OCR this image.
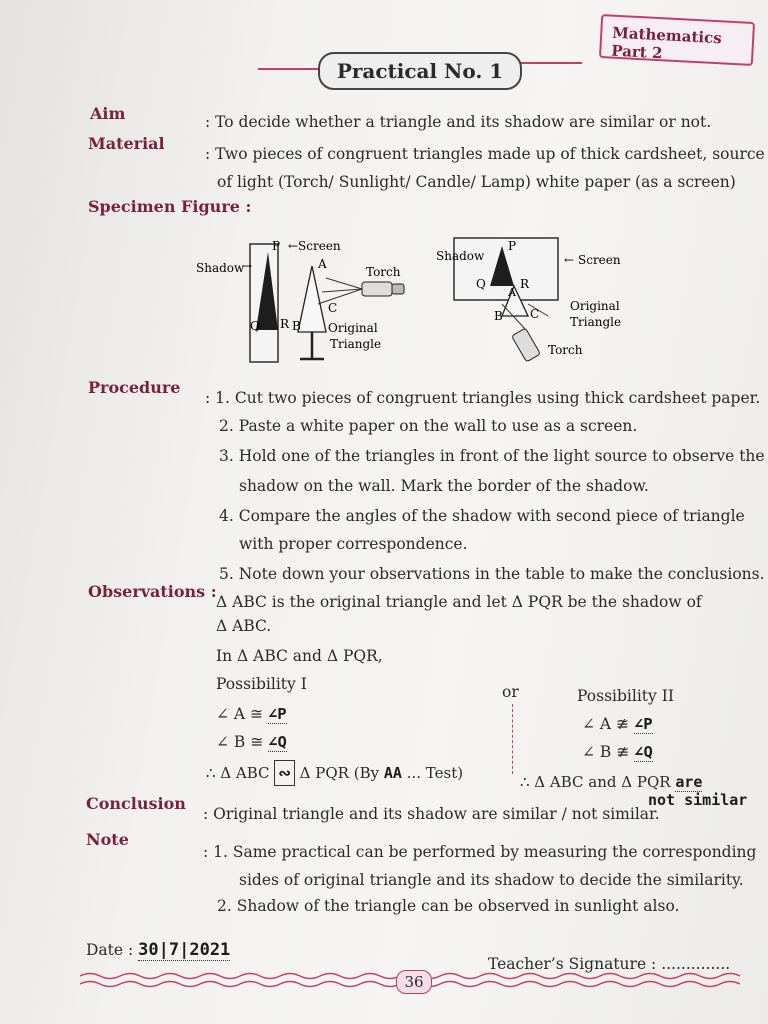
Mathematics Part 2
Practical No. 1
Aim	: To decide whether a triangle and its shadow are similar or not.
Material
: Two pieces of congruent triangles made up of thick cardsheet, source
of light (Torch/ Sunlight/ Candle/ Lamp) white paper (as a screen)
Specimen Figure :
Shadow
→
P ←Screen
A
Torch
Q R B
C
Original
Triangle
Shadow
P
← Screen
Q	R
A
B C
Original
Triangle
Torch
Procedure
: 1. Cut two pieces of congruent triangles using thick cardsheet paper.
2. Paste a white paper on the wall to use as a screen.
3. Hold one of the triangles in front of the light source to observe the
shadow on the wall. Mark the border of the shadow.
4. Compare the angles of the shadow with second piece of triangle
with proper correspondence.
5. Note down your observations in the table to make the conclusions.
Observations :
Δ ABC is the original triangle and let Δ PQR be the shadow of
Δ ABC.
In Δ ABC and Δ PQR,
Possibility I	or	Possibility II
∠ A ≅ ∠P
∠ B ≅ ∠Q
∠ A ≇ ∠P
∠ B ≇ ∠Q
∴ Δ ABC ∾ Δ PQR (By AA ... Test)	∴ Δ ABC and Δ PQR are
not similar
Conclusion
: Original triangle and its shadow are similar / not similar.
Note
: 1. Same practical can be performed by measuring the corresponding
sides of original triangle and its shadow to decide the similarity.
2. Shadow of the triangle can be observed in sunlight also.
Date : 30|7|2021
Teacher’s Signature : ..............
36
